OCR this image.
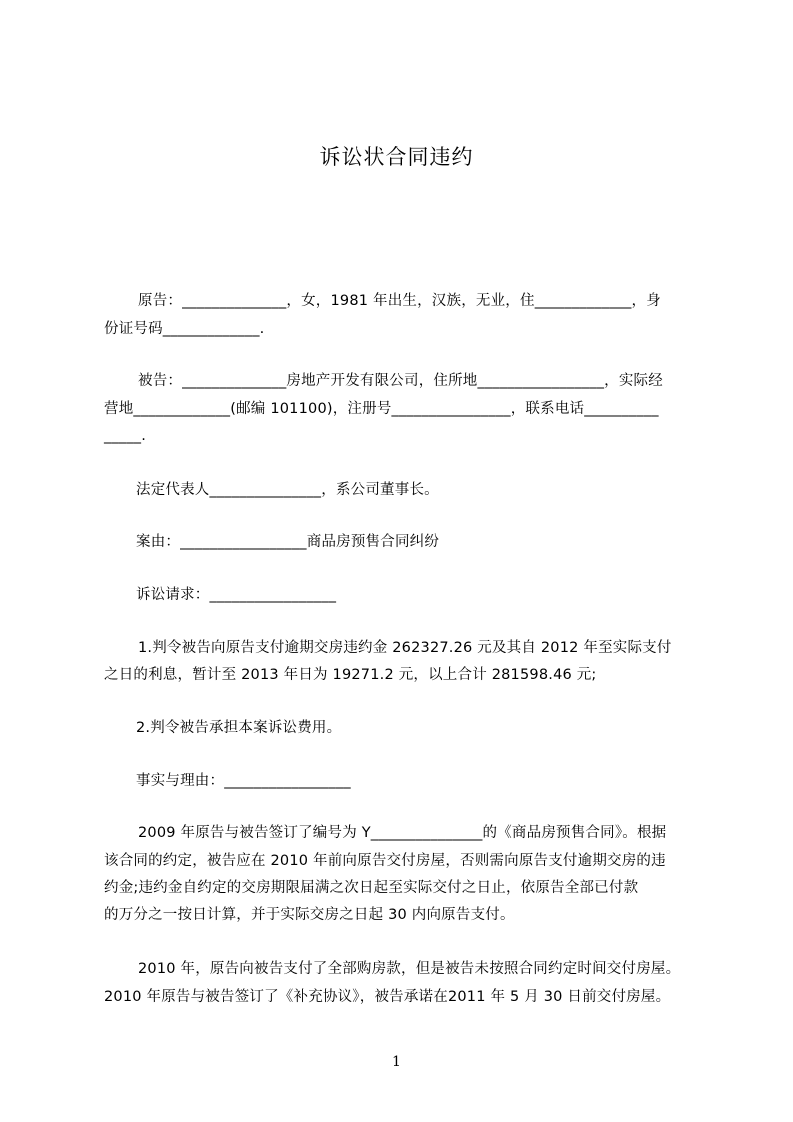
诉讼状合同违约
原告：______________，女，1981 年出生，汉族，无业，住_____________，身
份证号码_____________.
被告：______________房地产开发有限公司，住所地_________________，实际经
营地_____________(邮编 101100)，注册号________________，联系电话__________
_____.
法定代表人_______________，系公司董事长。
案由：_________________商品房预售合同纠纷
诉讼请求：_________________
1.判令被告向原告支付逾期交房违约金 262327.26 元及其自 2012 年至实际支付
之日的利息，暂计至 2013 年日为 19271.2 元，以上合计 281598.46 元;
2.判令被告承担本案诉讼费用。
事实与理由：_________________
2009 年原告与被告签订了编号为 Y_______________的《商品房预售合同》。根据
该合同的约定，被告应在 2010 年前向原告交付房屋，否则需向原告支付逾期交房的违
约金;违约金自约定的交房期限届满之次日起至实际交付之日止，依原告全部已付款
的万分之一按日计算，并于实际交房之日起 30 内向原告支付。
2010 年，原告向被告支付了全部购房款，但是被告未按照合同约定时间交付房屋。
2010 年原告与被告签订了《补充协议》，被告承诺在2011 年 5 月 30 日前交付房屋。
1
